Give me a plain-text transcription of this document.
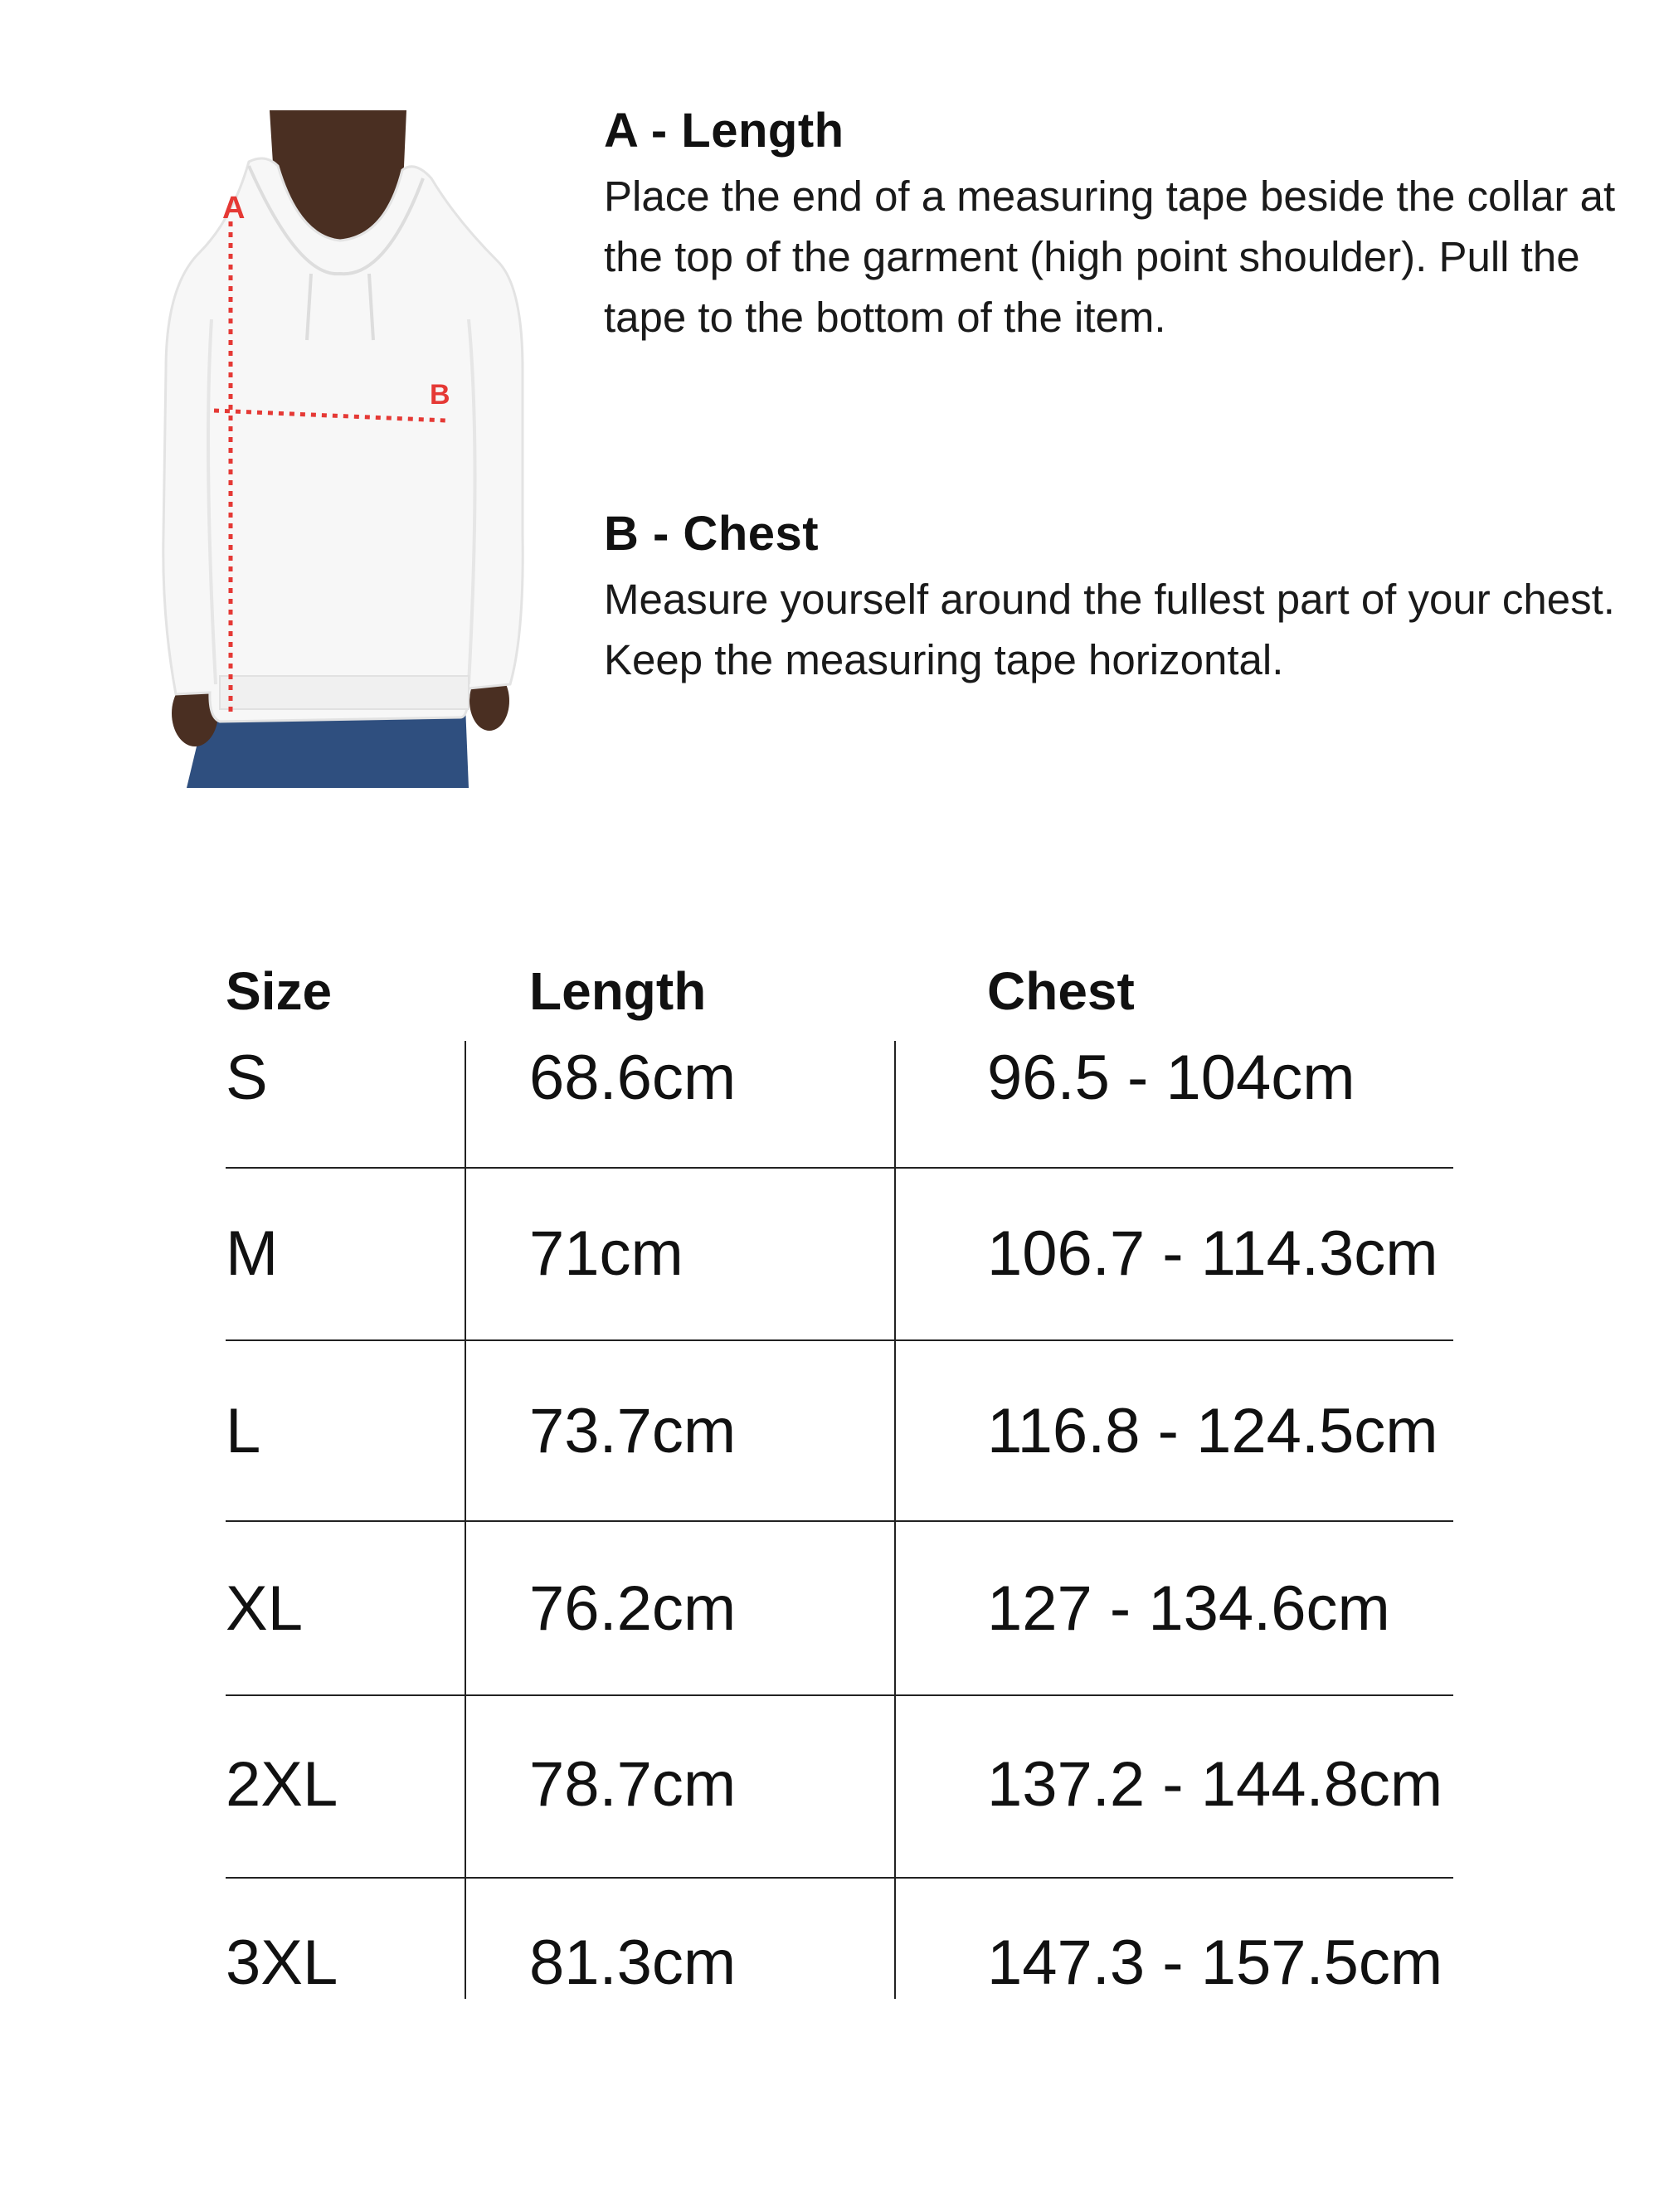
A
B
A - Length

Place the end of a measuring tape beside the collar at the top of the garment (high point shoulder). Pull the tape to the bottom of the item.

B - Chest

Measure yourself around the fullest part of your chest. Keep the measuring tape horizontal.

Size	Length	Chest
S	68.6cm	96.5 - 104cm
M	71cm	106.7 - 114.3cm
L	73.7cm	116.8 - 124.5cm
XL	76.2cm	127 - 134.6cm
2XL	78.7cm	137.2 - 144.8cm
3XL	81.3cm	147.3 - 157.5cm
